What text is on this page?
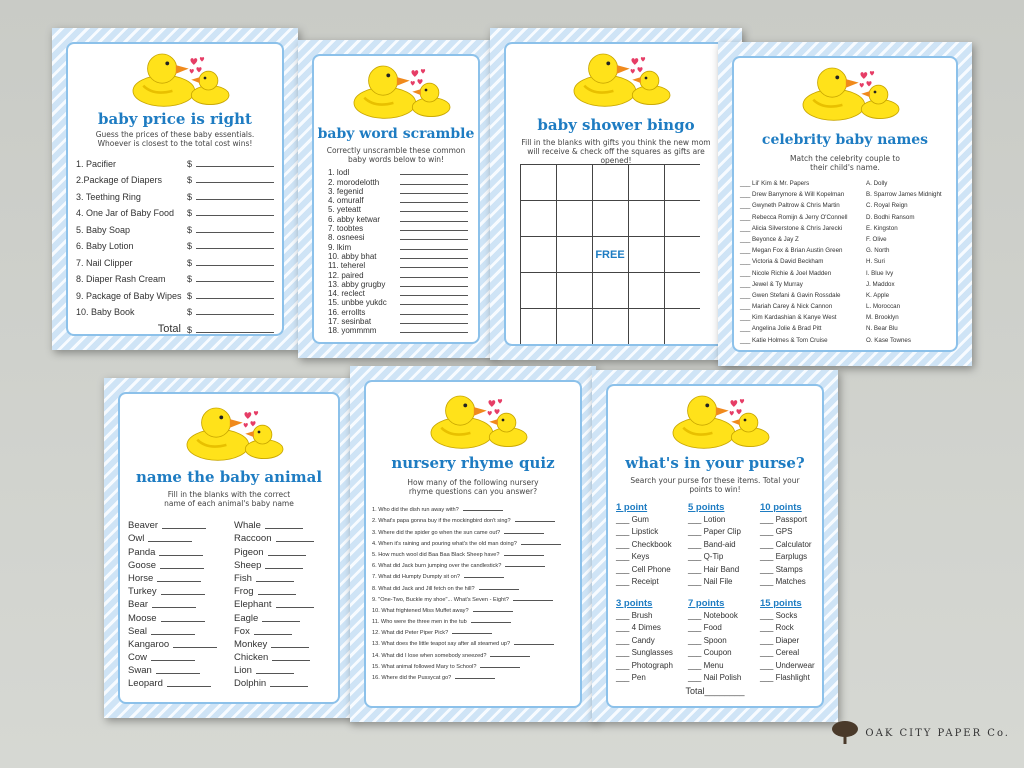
baby price is right
Guess the prices of these baby essentials. Whoever is closest to the total cost wins!
1. Pacifier	$
2.Package of Diapers	$
3. Teething Ring	$
4. One Jar of Baby Food $
5. Baby Soap	$
6. Baby Lotion	$
7. Nail Clipper	$
8. Diaper Rash Cream $
9. Package of Baby Wipes $
10. Baby Book	$
Total $
baby word scramble
Correctly unscramble these common baby words below to win!
1. lodl
2. morodelotth
3. fegenid
4. omuralf
5. yeteatt
6. abby ketwar
7. toobtes
8. osneesi
9. lkim
10. abby bhat
11. teherel
12. paired
13. abby grugby
14. reclect
15. unbbe yukdc
16. errollts
17. sesinbat
18. yommmm
baby shower bingo
Fill in the blanks with gifts you think the new mom will receive & check off the squares as gifts are opened!
FREE
celebrity baby names
Match the celebrity couple to their child's name.
___ Lil' Kim & Mr. Papers	A. Dolly
___ Drew Barrymore & Will Kopelman	B. Sparrow James Midnight
___ Gwyneth Paltrow & Chris Martin	C. Royal Reign
___ Rebecca Romijn & Jerry O'Connell	D. Bodhi Ransom
___ Alicia Silverstone & Chris Jarecki	E. Kingston
___ Beyonce & Jay Z	F. Olive
___ Megan Fox & Brian Austin Green	G. North
___ Victoria & David Beckham	H. Suri
___ Nicole Richie & Joel Madden	I. Blue Ivy
___ Jewel & Ty Murray	J. Maddox
___ Gwen Stefani & Gavin Rossdale	K. Apple
___ Mariah Carey & Nick Cannon	L. Moroccan
___ Kim Kardashian & Kanye West	M. Brooklyn
___ Angelina Jolie & Brad Pitt	N. Bear Blu
___ Katie Holmes & Tom Cruise	O. Kase Townes
name the baby animal
Fill in the blanks with the correct name of each animal's baby name
Beaver
Owl
Panda
Goose
Horse
Turkey
Bear
Moose
Seal
Kangaroo
Cow
Swan
Leopard
Whale
Raccoon
Pigeon
Sheep
Fish
Frog
Elephant
Eagle
Fox
Monkey
Chicken
Lion
Dolphin
nursery rhyme quiz
How many of the following nursery rhyme questions can you answer?
1. Who did the dish run away with?
2. What's papa gonna buy if the mockingbird don't sing?
3. Where did the spider go when the sun came out?
4. When it's raining and pouring what's the old man doing?
5. How much wool did Baa Baa Black Sheep have?
6. What did Jack burn jumping over the candlestick?
7. What did Humpty Dumpty sit on?
8. What did Jack and Jill fetch on the hill?
9. "One-Two, Buckle my shoe"... What's Seven - Eight?
10. What frightened Miss Muffet away?
11. Who were the three men in the tub
12. What did Peter Piper Pick?
13. What does the little teapot say after all steamed up?
14. What did I lose when somebody sneezed?
15. What animal followed Mary to School?
16. Where did the Pussycat go?
what's in your purse?
Search your purse for these items. Total your points to win!
1 point
___ Gum
___ Lipstick
___ Checkbook
___ Keys
___ Cell Phone
___ Receipt
5 points
___ Lotion
___ Paper Clip
___ Band-aid
___ Q-Tip
___ Hair Band
___ Nail File
10 points
___ Passport
___ GPS
___ Calculator
___ Earplugs
___ Stamps
___ Matches
3 points
___ Brush
___ 4 Dimes
___ Candy
___ Sunglasses
___ Photograph
___ Pen
7 points
___ Notebook
___ Food
___ Spoon
___ Coupon
___ Menu
___ Nail Polish
15 points
___ Socks
___ Rock
___ Diaper
___ Cereal
___ Underwear
___ Flashlight
Total________
OAK CITY PAPER Co.
